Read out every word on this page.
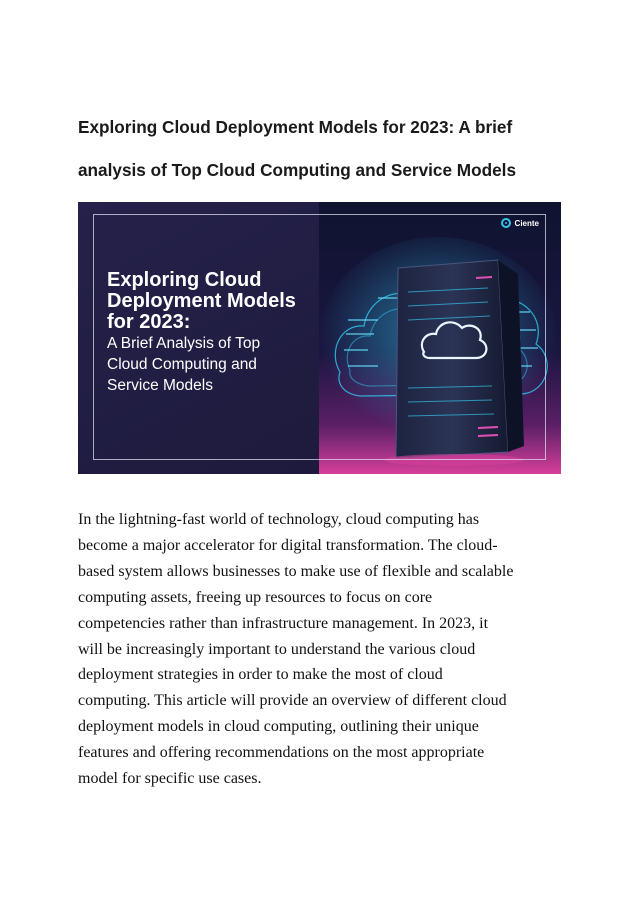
Exploring Cloud Deployment Models for 2023: A brief
analysis of Top Cloud Computing and Service Models
Ciente

Exploring Cloud
Deployment Models
for 2023:

A Brief Analysis of Top
Cloud Computing and
Service Models

In the lightning-fast world of technology, cloud computing has
become a major accelerator for digital transformation. The cloud-
based system allows businesses to make use of flexible and scalable
computing assets, freeing up resources to focus on core
competencies rather than infrastructure management. In 2023, it
will be increasingly important to understand the various cloud
deployment strategies in order to make the most of cloud
computing. This article will provide an overview of different cloud
deployment models in cloud computing, outlining their unique
features and offering recommendations on the most appropriate
model for specific use cases.
